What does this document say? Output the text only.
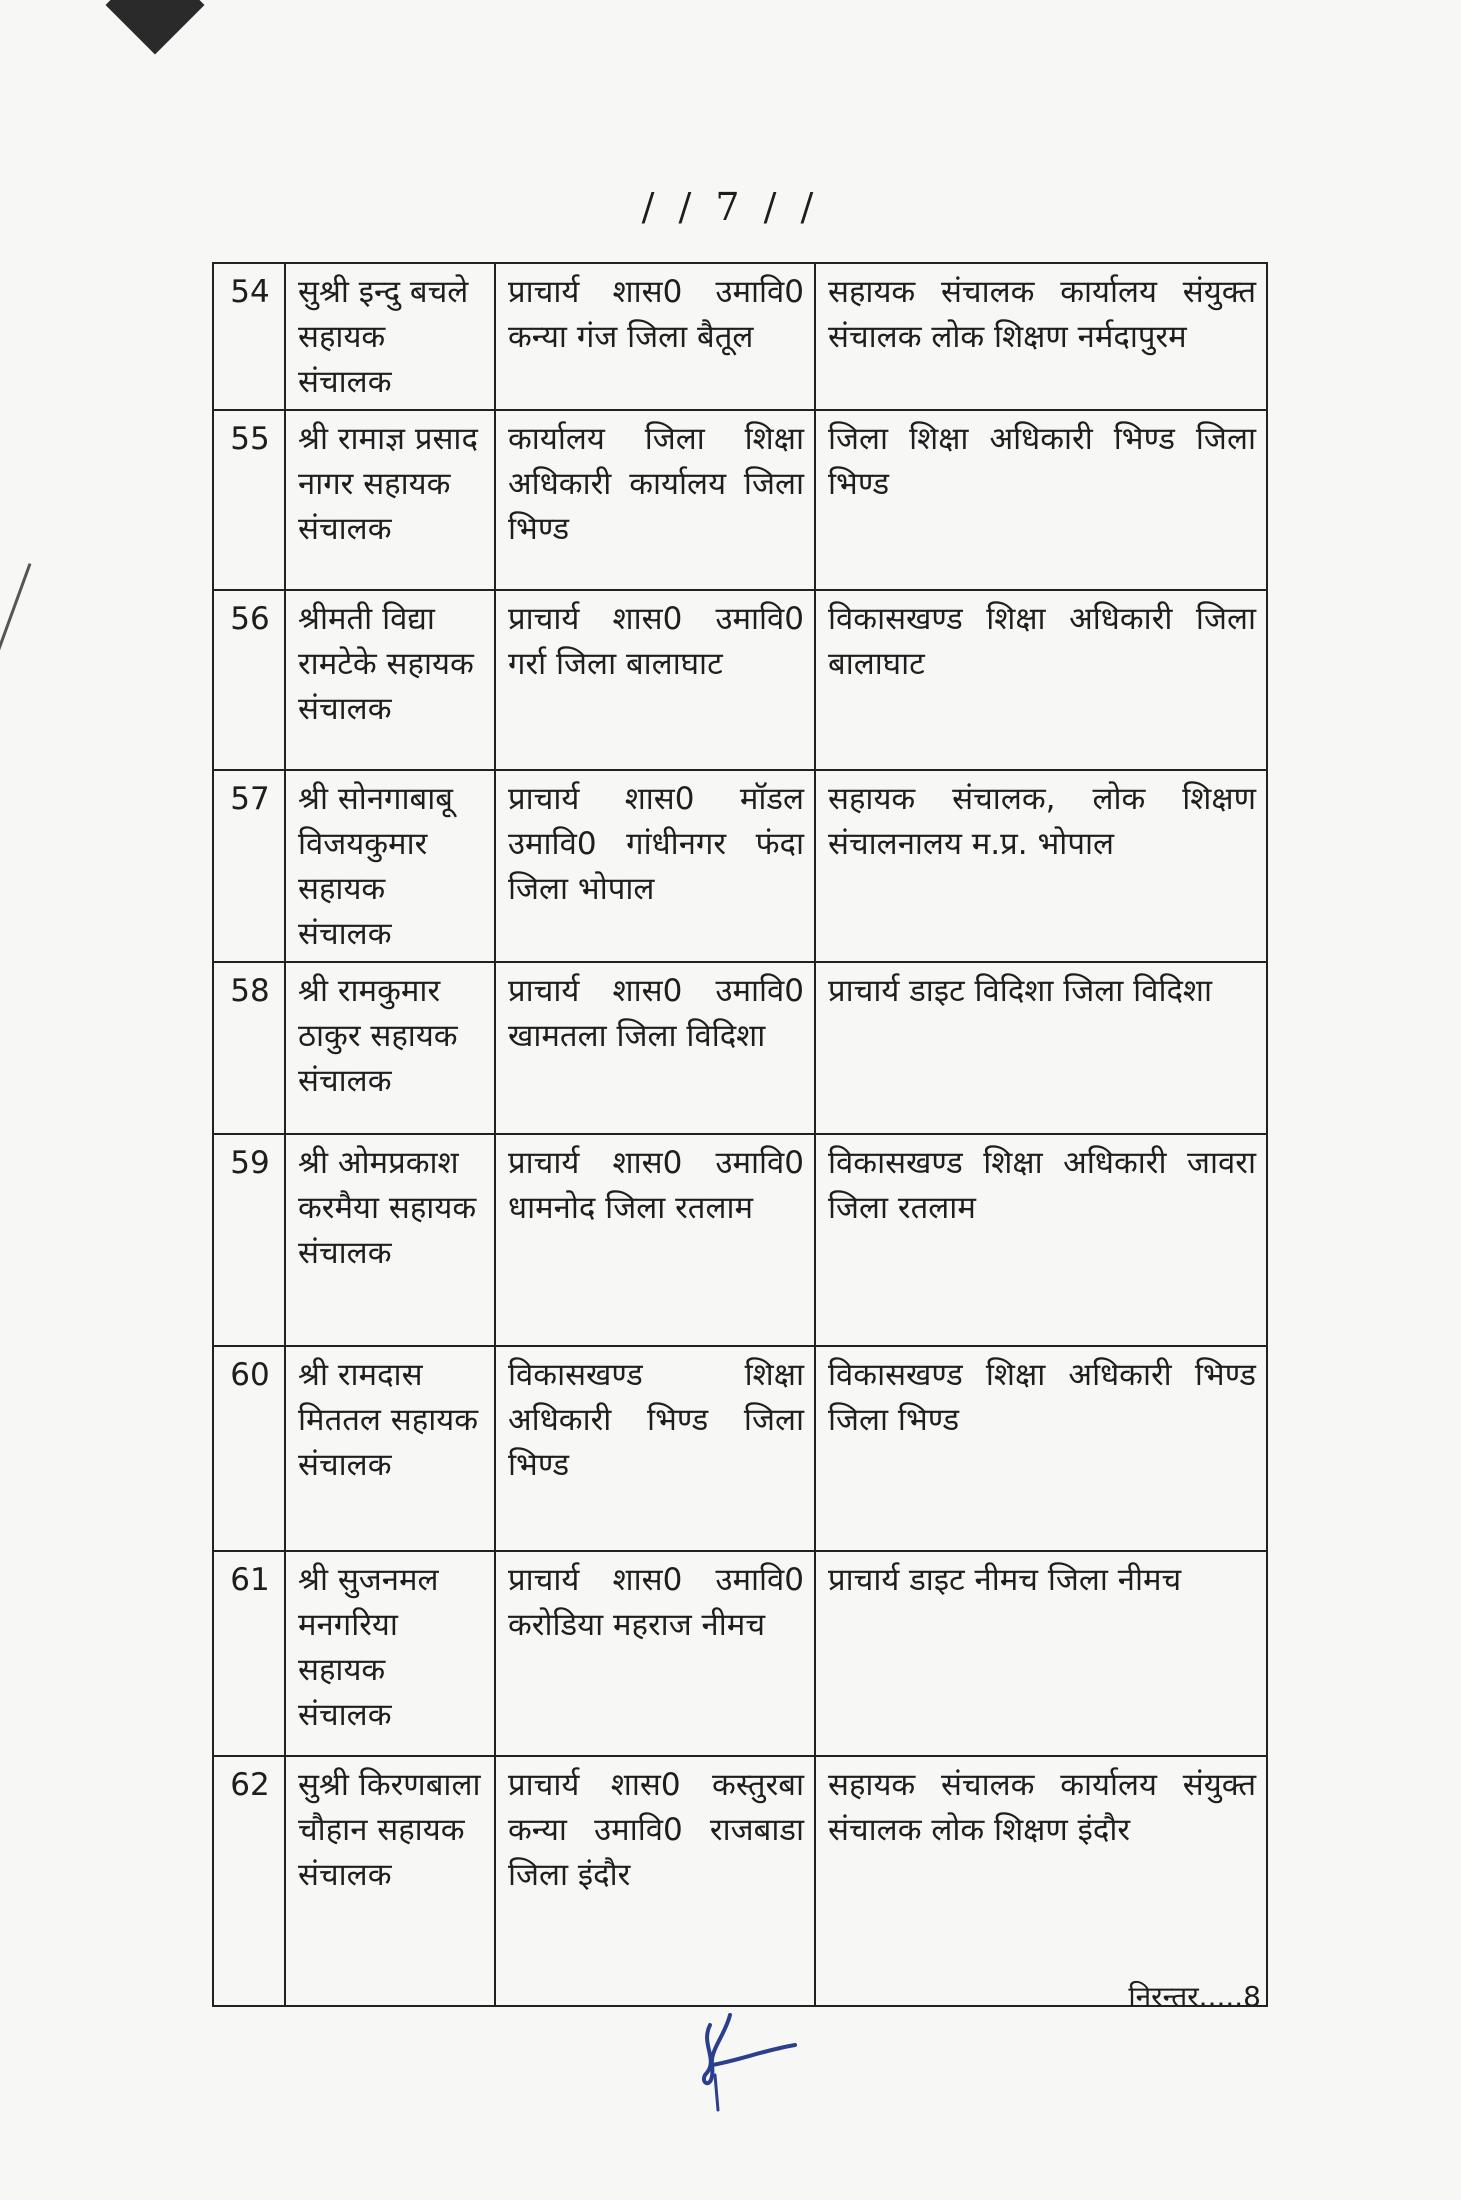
/ / 7 / /
54	सुश्री इन्दु बचले सहायक संचालक	प्राचार्य शास0 उमावि0 कन्या गंज जिला बैतूल	सहायक संचालक कार्यालय संयुक्त संचालक लोक शिक्षण नर्मदापुरम
55	श्री रामाज्ञ प्रसाद नागर सहायक संचालक	कार्यालय जिला शिक्षा अधिकारी कार्यालय जिला भिण्ड	जिला शिक्षा अधिकारी भिण्ड जिला भिण्ड
56	श्रीमती विद्या रामटेके सहायक संचालक	प्राचार्य शास0 उमावि0 गर्रा जिला बालाघाट	विकासखण्ड शिक्षा अधिकारी जिला बालाघाट
57	श्री सोनगाबाबू विजयकुमार सहायक संचालक	प्राचार्य शास0 मॉडल उमावि0 गांधीनगर फंदा जिला भोपाल	सहायक संचालक, लोक शिक्षण संचालनालय म.प्र. भोपाल
58	श्री रामकुमार ठाकुर सहायक संचालक	प्राचार्य शास0 उमावि0 खामतला जिला विदिशा	प्राचार्य डाइट विदिशा जिला विदिशा
59	श्री ओमप्रकाश करमैया सहायक संचालक	प्राचार्य शास0 उमावि0 धामनोद जिला रतलाम	विकासखण्ड शिक्षा अधिकारी जावरा जिला रतलाम
60	श्री रामदास मिततल सहायक संचालक	विकासखण्ड शिक्षा अधिकारी भिण्ड जिला भिण्ड	विकासखण्ड शिक्षा अधिकारी भिण्ड जिला भिण्ड
61	श्री सुजनमल मनगरिया सहायक संचालक	प्राचार्य शास0 उमावि0 करोडिया महराज नीमच	प्राचार्य डाइट नीमच जिला नीमच
62	सुश्री किरणबाला चौहान सहायक संचालक	प्राचार्य शास0 कस्तुरबा कन्या उमावि0 राजबाडा जिला इंदौर	सहायक संचालक कार्यालय संयुक्त संचालक लोक शिक्षण इंदौर
निरन्तर.....8
